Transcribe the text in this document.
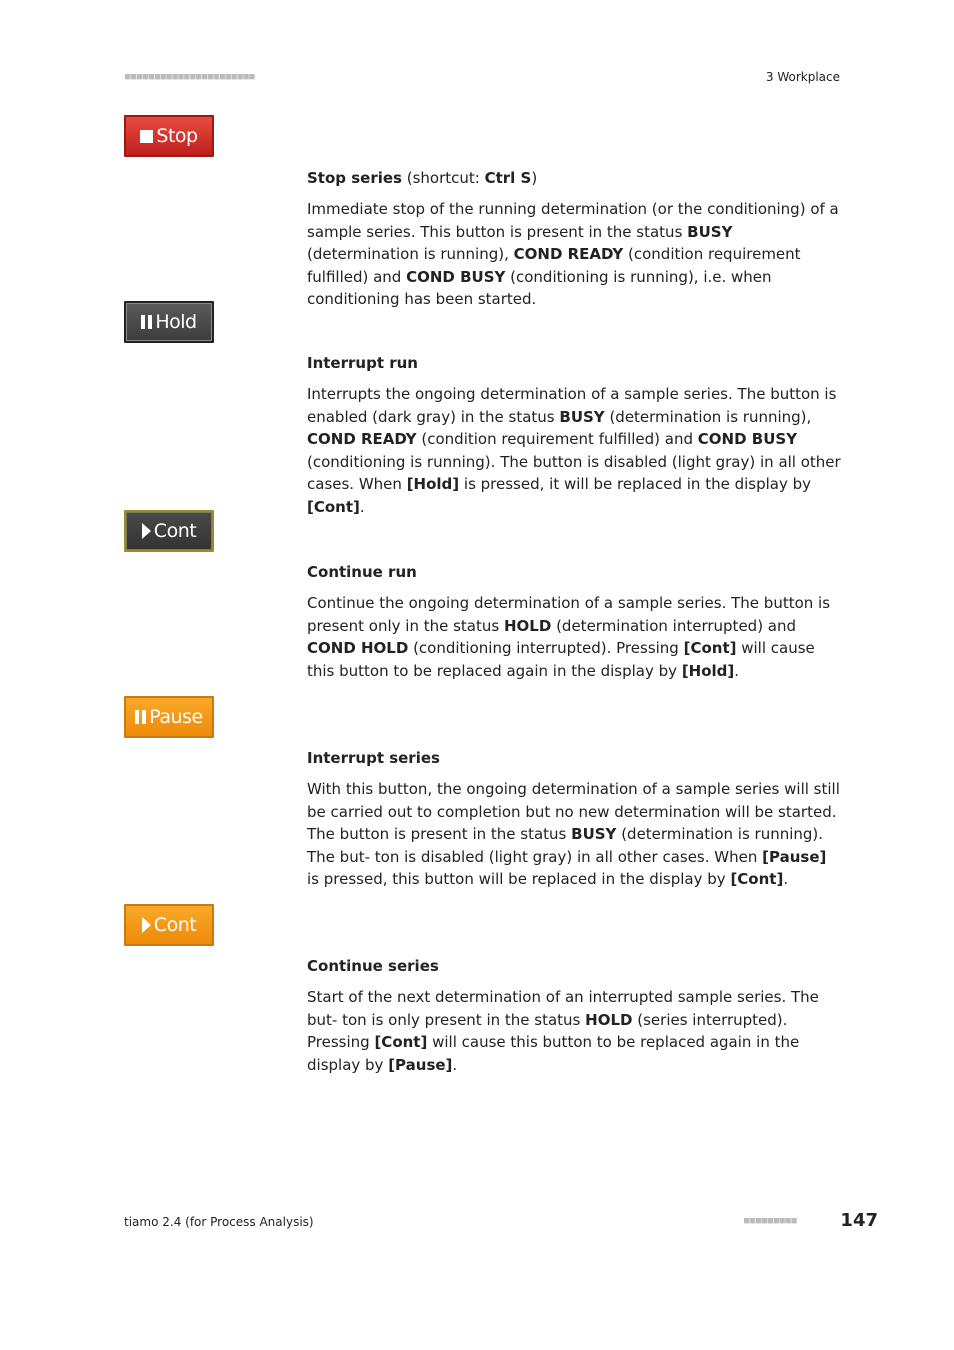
■■■■■■■■■■■■■■■■■■■■■■	3 Workplace
Stop

Stop series (shortcut: Ctrl S)

Immediate stop of the running determination (or the conditioning) of a sample series. This button is present in the status BUSY (determination is running), COND READY (condition requirement fulfilled) and COND BUSY (conditioning is running), i.e. when conditioning has been started.

Hold

Interrupt run

Interrupts the ongoing determination of a sample series. The button is enabled (dark gray) in the status BUSY (determination is running), COND READY (condition requirement fulfilled) and COND BUSY (conditioning is running). The button is disabled (light gray) in all other cases. When [Hold] is pressed, it will be replaced in the display by [Cont].

Cont

Continue run

Continue the ongoing determination of a sample series. The button is present only in the status HOLD (determination interrupted) and COND HOLD (conditioning interrupted). Pressing [Cont] will cause this button to be replaced again in the display by [Hold].

Pause

Interrupt series

With this button, the ongoing determination of a sample series will still be carried out to completion but no new determination will be started. The button is present in the status BUSY (determination is running). The but- ton is disabled (light gray) in all other cases. When [Pause] is pressed, this button will be replaced in the display by [Cont].

Cont

Continue series

Start of the next determination of an interrupted sample series. The but- ton is only present in the status HOLD (series interrupted). Pressing [Cont] will cause this button to be replaced again in the display by [Pause].

tiamo 2.4 (for Process Analysis)	■■■■■■■■■ 147
